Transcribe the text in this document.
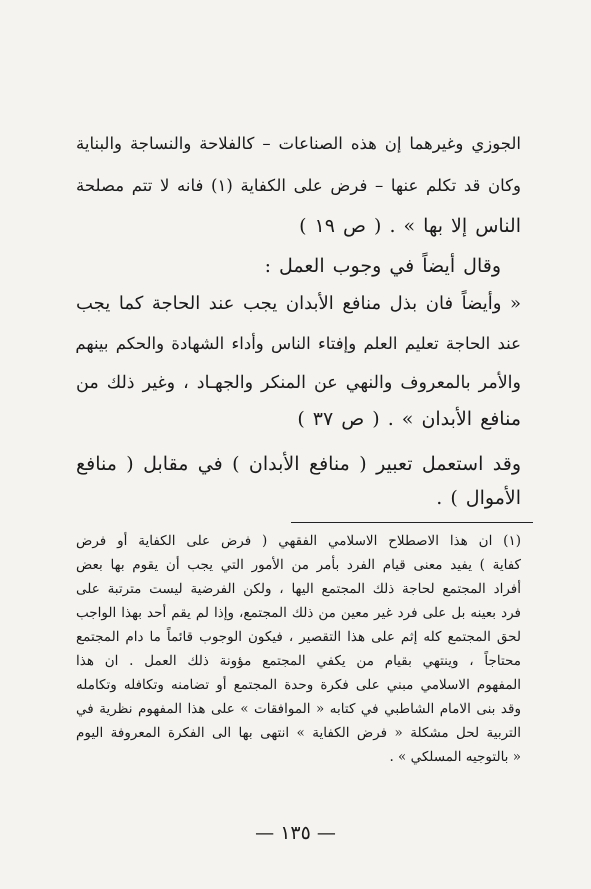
الجوزي وغيرهما إن هذه الصناعات – كالفلاحة والنساجة والبناية
وكان قد تكلم عنها – فرض على الكفاية (١) فانه لا تتم مصلحة
الناس إلا بها » . ( ص ١٩ )
وقال أيضاً في وجوب العمل :
« وأيضاً فان بذل منافع الأبدان يجب عند الحاجة كما يجب
عند الحاجة تعليم العلم وإفتاء الناس وأداء الشهادة والحكم بينهم
والأمر بالمعروف والنهي عن المنكر والجهـاد ، وغير ذلك من
منافع الأبدان » . ( ص ٣٧ )
وقد استعمل تعبير ( منافع الأبدان ) في مقابل ( منافع
الأموال ) .
(١) ان هذا الاصطلاح الاسلامي الفقهي ( فرض على الكفاية أو فرض
كفاية ) يفيد معنى قيام الفرد بأمر من الأمور التي يجب أن يقوم بها بعض
أفراد المجتمع لحاجة ذلك المجتمع اليها ، ولكن الفرضية ليست مترتبة على
فرد بعينه بل على فرد غير معين من ذلك المجتمع، وإذا لم يقم أحد بهذا الواجب
لحق المجتمع كله إثم على هذا التقصير ، فيكون الوجوب قائماً ما دام المجتمع
محتاجاً ، وينتهي بقيام من يكفي المجتمع مؤونة ذلك العمل . ان هذا
المفهوم الاسلامي مبني على فكرة وحدة المجتمع أو تضامنه وتكافله وتكامله
وقد بنى الامام الشاطبي في كتابه « الموافقات » على هذا المفهوم نظرية في
التربية لحل مشكلة « فرض الكفاية » انتهى بها الى الفكرة المعروفة اليوم
« بالتوجيه المسلكي » .
— ١٣٥ —
